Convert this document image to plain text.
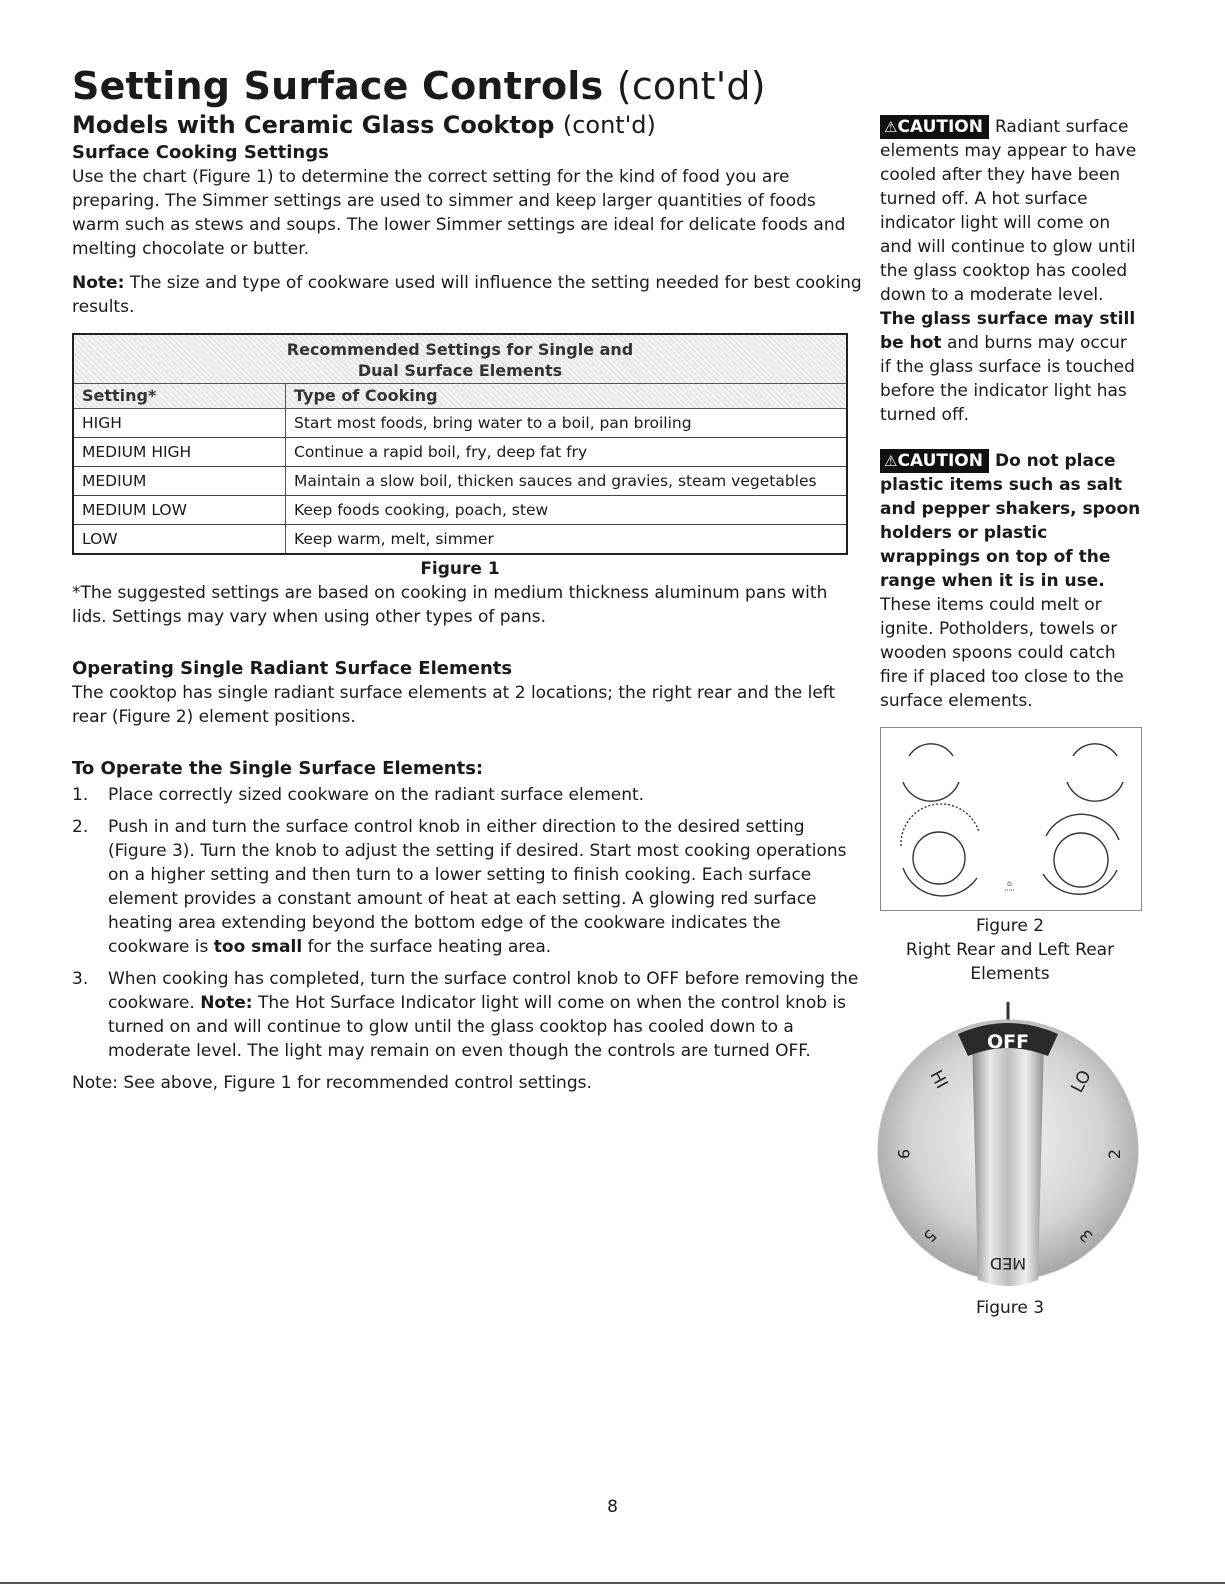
Setting Surface Controls (cont'd)
Models with Ceramic Glass Cooktop (cont'd)
Surface Cooking Settings

Use the chart (Figure 1) to determine the correct setting for the kind of food you are preparing. The Simmer settings are used to simmer and keep larger quantities of foods warm such as stews and soups. The lower Simmer settings are ideal for delicate foods and melting chocolate or butter.

Note: The size and type of cookware used will influence the setting needed for best cooking results.

Recommended Settings for Single and
Dual Surface Elements	
Setting*	Type of Cooking
HIGH	Start most foods, bring water to a boil, pan broiling
MEDIUM HIGH	Continue a rapid boil, fry, deep fat fry
MEDIUM	Maintain a slow boil, thicken sauces and gravies, steam vegetables
MEDIUM LOW	Keep foods cooking, poach, stew
LOW	Keep warm, melt, simmer
Figure 1

*The suggested settings are based on cooking in medium thickness aluminum pans with lids. Settings may vary when using other types of pans.

Operating Single Radiant Surface Elements

The cooktop has single radiant surface elements at 2 locations; the right rear and the left rear (Figure 2) element positions.

To Operate the Single Surface Elements:
1. Place correctly sized cookware on the radiant surface element.
2. Push in and turn the surface control knob in either direction to the desired setting (Figure 3). Turn the knob to adjust the setting if desired. Start most cooking operations on a higher setting and then turn to a lower setting to finish cooking. Each surface element provides a constant amount of heat at each setting. A glowing red surface heating area extending beyond the bottom edge of the cookware indicates the cookware is too small for the surface heating area.
3. When cooking has completed, turn the surface control knob to OFF before removing the cookware. Note: The Hot Surface Indicator light will come on when the control knob is turned on and will continue to glow until the glass cooktop has cooled down to a moderate level. The light may remain on even though the controls are turned OFF.

Note: See above, Figure 1 for recommended control settings.

⚠CAUTION Radiant surface elements may appear to have cooled after they have been turned off. A hot surface indicator light will come on and will continue to glow until the glass cooktop has cooled down to a moderate level. The glass surface may still be hot and burns may occur if the glass surface is touched before the indicator light has turned off.

⚠CAUTION Do not place plastic items such as salt and pepper shakers, spoon holders or plastic wrappings on top of the range when it is in use. These items could melt or ignite. Potholders, towels or wooden spoons could catch fire if placed too close to the surface elements.

o
Figure 2
Right Rear and Left Rear
Elements
OFF
HI	LO
9	2
5	3
MED
Figure 3
8
